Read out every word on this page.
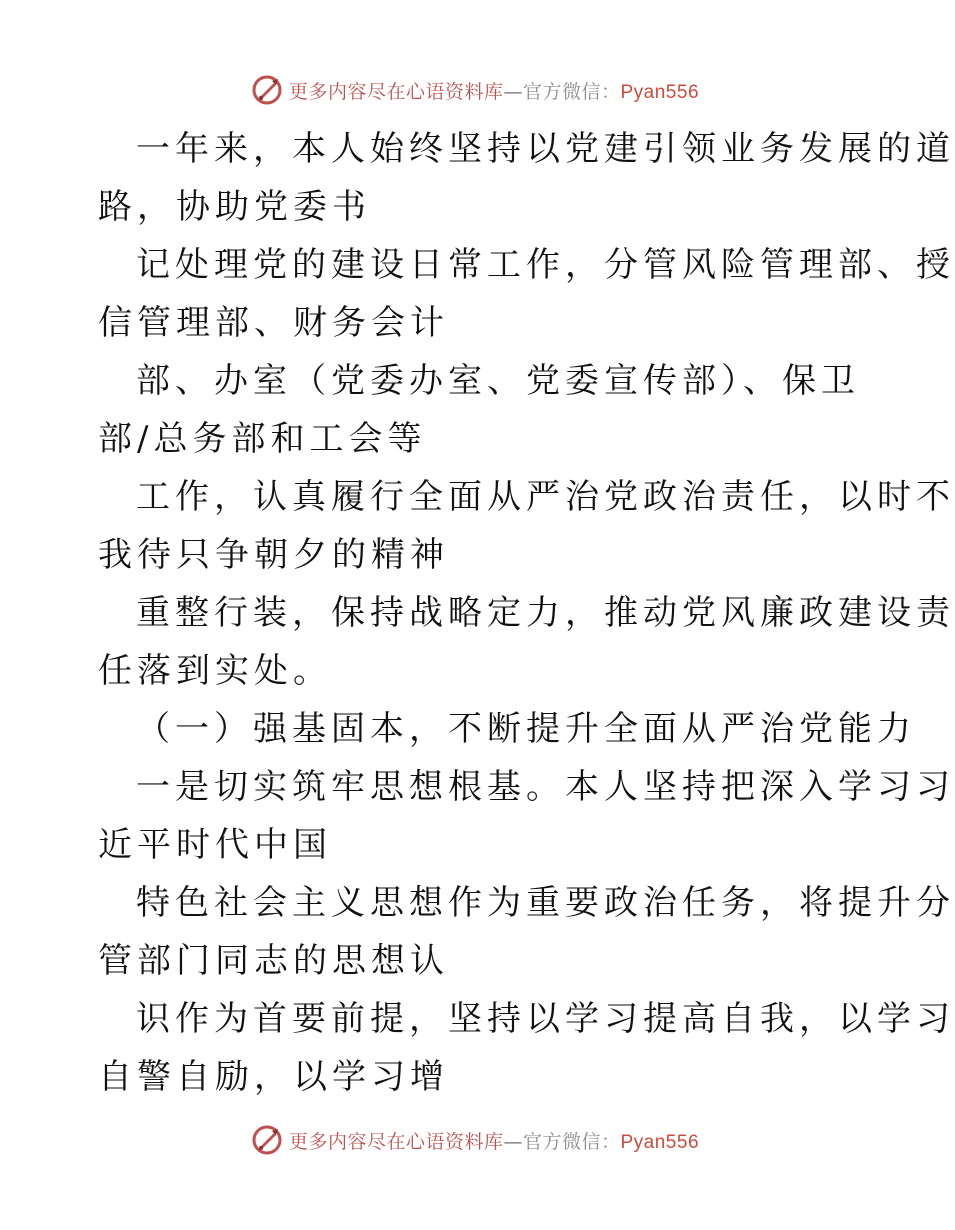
更多内容尽在心语资料库—官方微信：Pyan556
一年来，本人始终坚持以党建引领业务发展的道
路，协助党委书
记处理党的建设日常工作，分管风险管理部、授
信管理部、财务会计
部、办室（党委办室、党委宣传部）、保卫
部/总务部和工会等
工作，认真履行全面从严治党政治责任，以时不
我待只争朝夕的精神
重整行装，保持战略定力，推动党风廉政建设责
任落到实处。
（一）强基固本，不断提升全面从严治党能力
一是切实筑牢思想根基。本人坚持把深入学习习
近平时代中国
特色社会主义思想作为重要政治任务，将提升分
管部门同志的思想认
识作为首要前提，坚持以学习提高自我，以学习
自警自励，以学习增
更多内容尽在心语资料库—官方微信：Pyan556
